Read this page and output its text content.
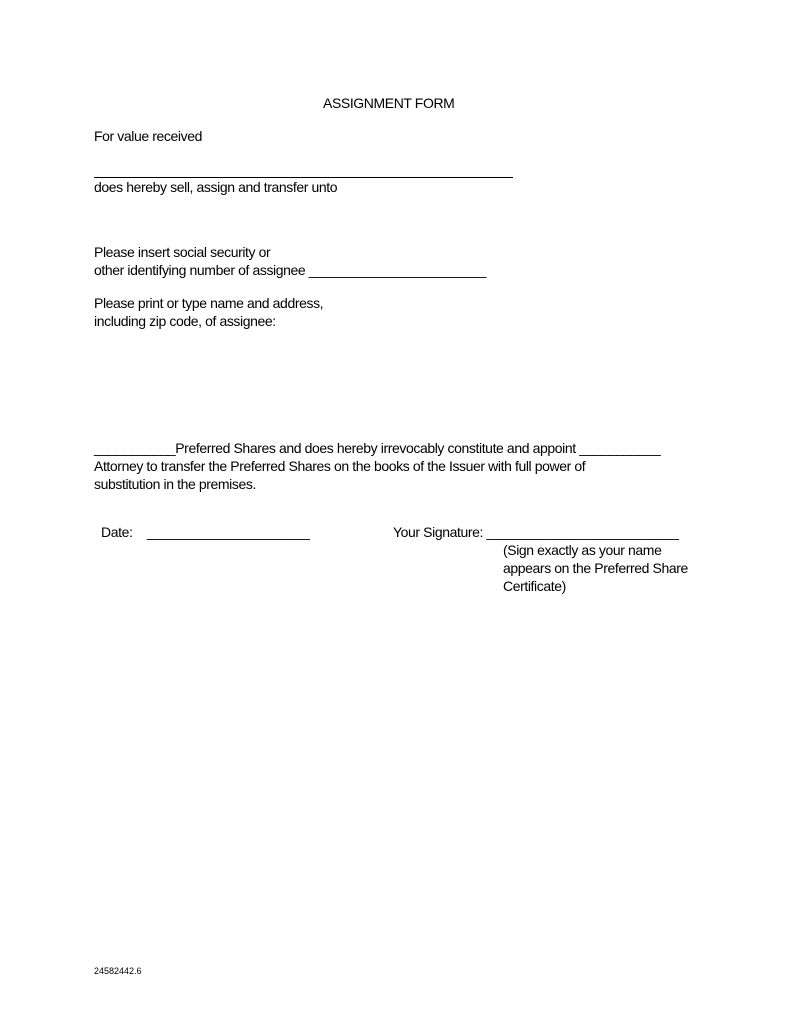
ASSIGNMENT FORM
For value received
does hereby sell, assign and transfer unto
Please insert social security or
other identifying number of assignee ________________________
Please print or type name and address,
including zip code, of assignee:
___________Preferred Shares and does hereby irrevocably constitute and appoint ___________
Attorney to transfer the Preferred Shares on the books of the Issuer with full power of
substitution in the premises.
Date: ______________________	Your Signature: __________________________
(Sign exactly as your name
appears on the Preferred Share
Certificate)
24582442.6
